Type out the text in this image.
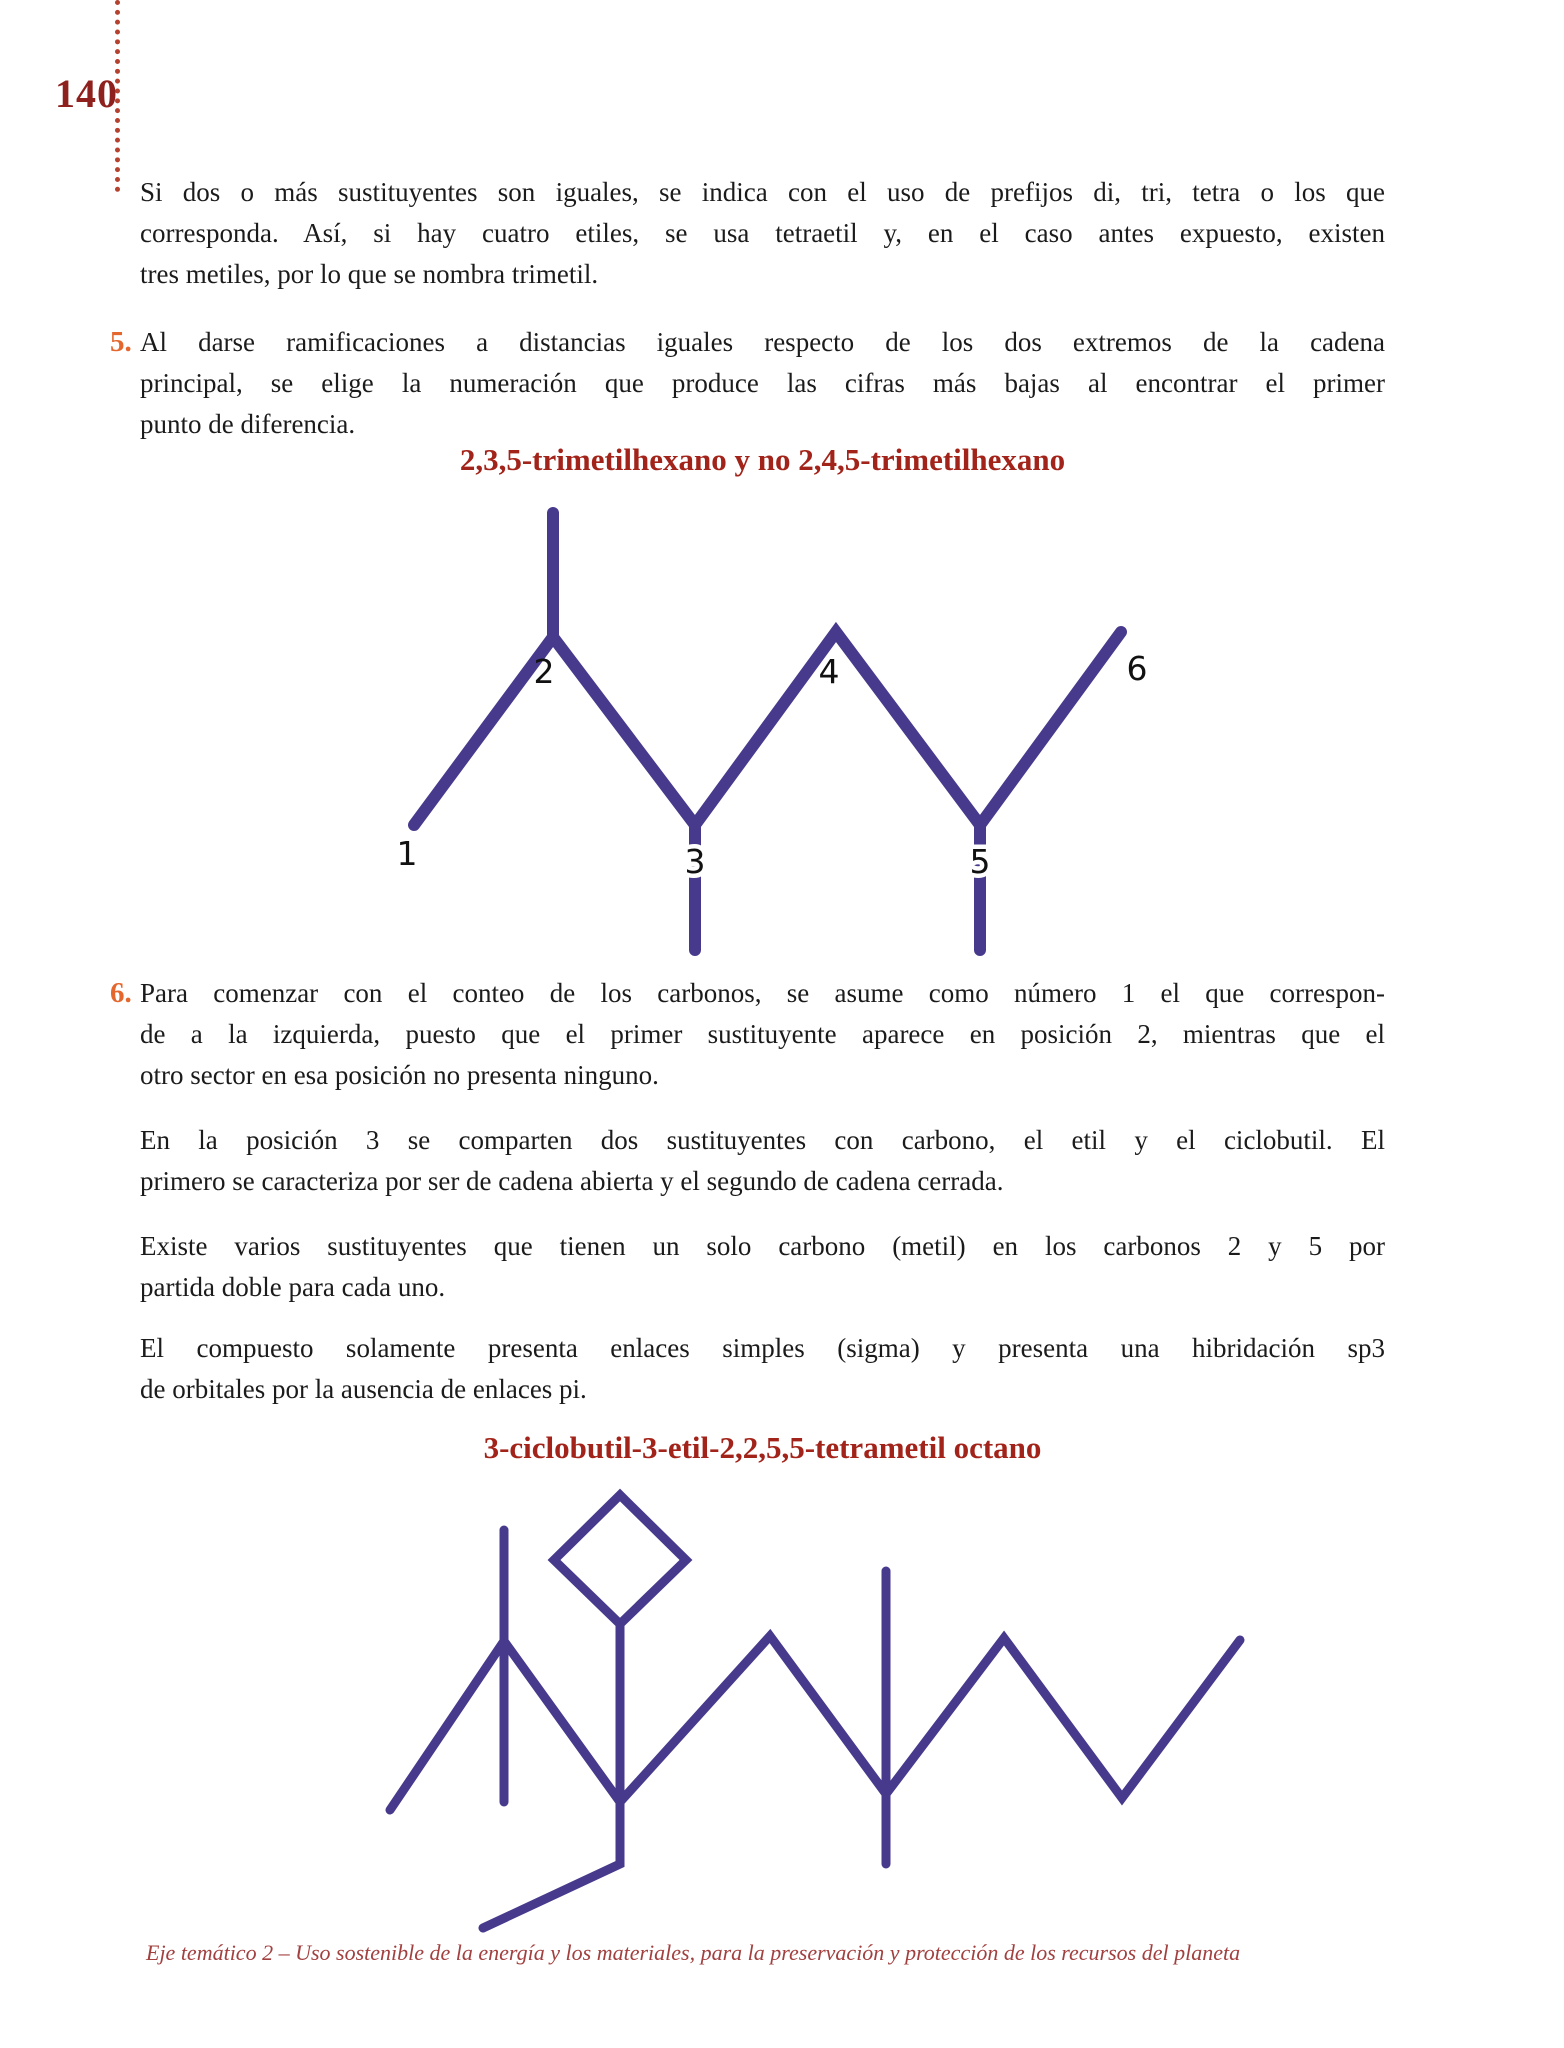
140
Si dos o más sustituyentes son iguales, se indica con el uso de prefijos di, tri, tetra o los que
corresponda. Así, si hay cuatro etiles, se usa tetraetil y, en el caso antes expuesto, existen
tres metiles, por lo que se nombra trimetil.
5. Al darse ramificaciones a distancias iguales respecto de los dos extremos de la cadena
principal, se elige la numeración que produce las cifras más bajas al encontrar el primer
punto de diferencia.
2,3,5-trimetilhexano y no 2,4,5-trimetilhexano
1
2
3
4
5
6
6. Para comenzar con el conteo de los carbonos, se asume como número 1 el que correspon-
de a la izquierda, puesto que el primer sustituyente aparece en posición 2, mientras que el
otro sector en esa posición no presenta ninguno.
En la posición 3 se comparten dos sustituyentes con carbono, el etil y el ciclobutil. El
primero se caracteriza por ser de cadena abierta y el segundo de cadena cerrada.
Existe varios sustituyentes que tienen un solo carbono (metil) en los carbonos 2 y 5 por
partida doble para cada uno.
El compuesto solamente presenta enlaces simples (sigma) y presenta una hibridación sp3
de orbitales por la ausencia de enlaces pi.
3-ciclobutil-3-etil-2,2,5,5-tetrametil octano
Eje temático 2 – Uso sostenible de la energía y los materiales, para la preservación y protección de los recursos del planeta
